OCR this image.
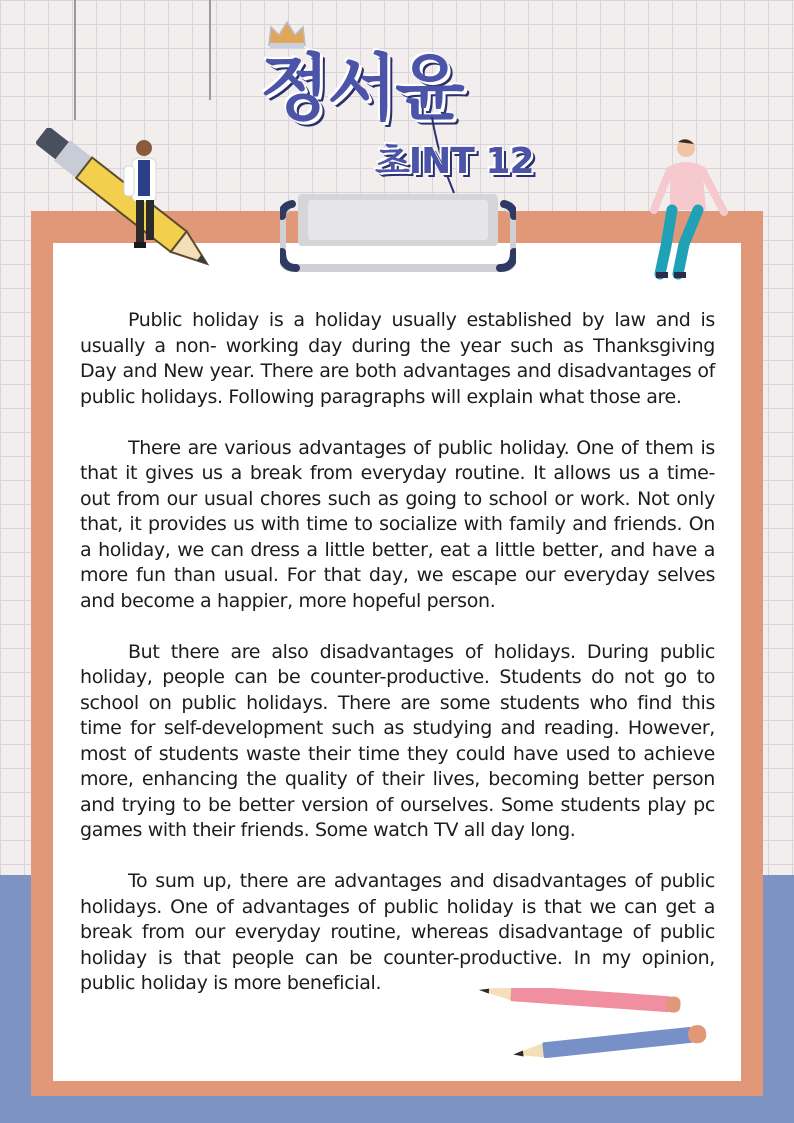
정서윤
초INT 12

Public holiday is a holiday usually established by law and is usually a non- working day during the year such as Thanksgiving Day and New year. There are both advantages and disadvantages of public holidays. Following paragraphs will explain what those are.

There are various advantages of public holiday. One of them is that it gives us a break from everyday routine. It allows us a time-out from our usual chores such as going to school or work. Not only that, it provides us with time to socialize with family and friends. On a holiday, we can dress a little better, eat a little better, and have a more fun than usual. For that day, we escape our everyday selves and become a happier, more hopeful person.

But there are also disadvantages of holidays. During public holiday, people can be counter-productive. Students do not go to school on public holidays. There are some students who find this time for self-development such as studying and reading. However, most of students waste their time they could have used to achieve more, enhancing the quality of their lives, becoming better person and trying to be better version of ourselves. Some students play pc games with their friends. Some watch TV all day long.

To sum up, there are advantages and disadvantages of public holidays. One of advantages of public holiday is that we can get a break from our everyday routine, whereas disadvantage of public holiday is that people can be counter-productive. In my opinion, public holiday is more beneficial.
